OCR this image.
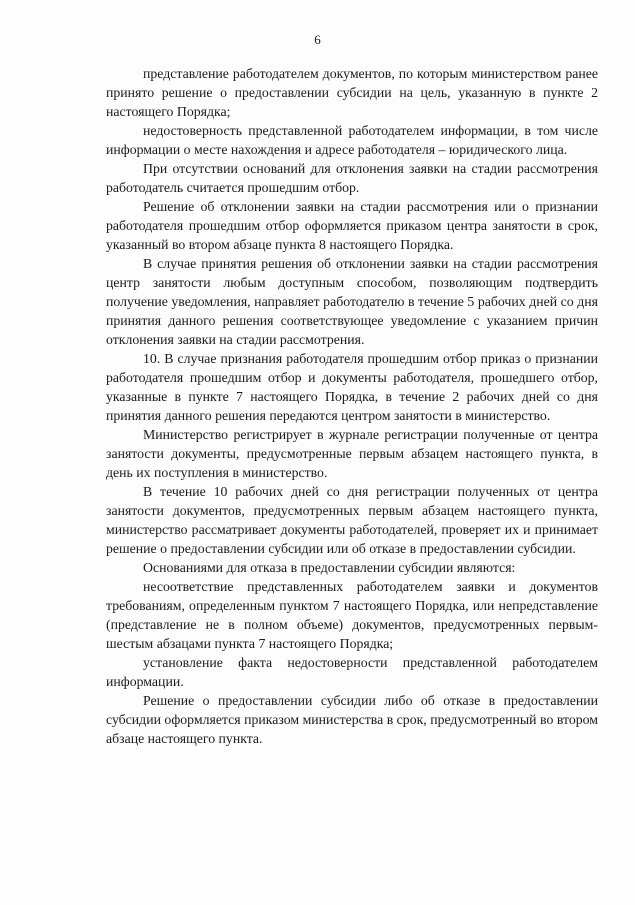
6

представление работодателем документов, по которым министерством ранее принято решение о предоставлении субсидии на цель, указанную в пункте 2 настоящего Порядка;

недостоверность представленной работодателем информации, в том числе информации о месте нахождения и адресе работодателя – юридического лица.

При отсутствии оснований для отклонения заявки на стадии рассмотрения работодатель считается прошедшим отбор.

Решение об отклонении заявки на стадии рассмотрения или о признании работодателя прошедшим отбор оформляется приказом центра занятости в срок, указанный во втором абзаце пункта 8 настоящего Порядка.

В случае принятия решения об отклонении заявки на стадии рассмотрения центр занятости любым доступным способом, позволяющим подтвердить получение уведомления, направляет работодателю в течение 5 рабочих дней со дня принятия данного решения соответствующее уведомление с указанием причин отклонения заявки на стадии рассмотрения.

10. В случае признания работодателя прошедшим отбор приказ о признании работодателя прошедшим отбор и документы работодателя, прошедшего отбор, указанные в пункте 7 настоящего Порядка, в течение 2 рабочих дней со дня принятия данного решения передаются центром занятости в министерство.

Министерство регистрирует в журнале регистрации полученные от центра занятости документы, предусмотренные первым абзацем настоящего пункта, в день их поступления в министерство.

В течение 10 рабочих дней со дня регистрации полученных от центра занятости документов, предусмотренных первым абзацем настоящего пункта, министерство рассматривает документы работодателей, проверяет их и принимает решение о предоставлении субсидии или об отказе в предоставлении субсидии.

Основаниями для отказа в предоставлении субсидии являются:

несоответствие представленных работодателем заявки и документов требованиям, определенным пунктом 7 настоящего Порядка, или непредставление (представление не в полном объеме) документов, предусмотренных первым-шестым абзацами пункта 7 настоящего Порядка;

установление факта недостоверности представленной работодателем информации.

Решение о предоставлении субсидии либо об отказе в предоставлении субсидии оформляется приказом министерства в срок, предусмотренный во втором абзаце настоящего пункта.
